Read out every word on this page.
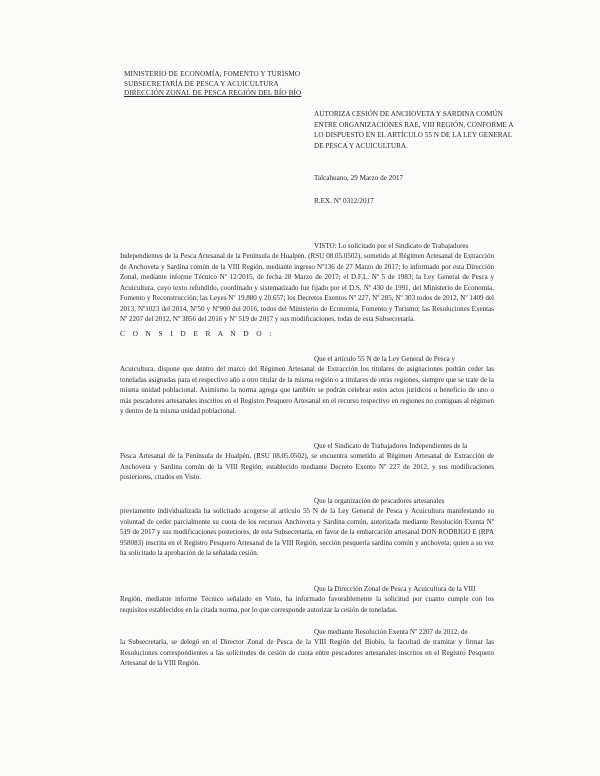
MINISTERIO DE ECONOMÍA, FOMENTO Y TURISMO
SUBSECRETARÍA DE PESCA Y ACUICULTURA
DIRECCIÓN ZONAL DE PESCA REGIÓN DEL BÍO BÍO
AUTORIZA CESIÓN DE ANCHOVETA Y SARDINA COMÚN
ENTRE ORGANIZACIONES RAE, VIII REGIÓN, CONFORME A
LO DISPUESTO EN EL ARTÍCULO 55 N DE LA LEY GENERAL
DE PESCA Y ACUICULTURA.
Talcahuano, 29 Marzo de 2017
R.EX. Nº 0312/2017
VISTO: Lo solicitado por el Sindicato de Trabajadores
Independientes de la Pesca Artesanal de la Península de Hualpén. (RSU 08.05.0502), sometido al Régimen Artesanal de Extracción de Anchoveta y Sardina común de la VIII Región, mediante ingreso Nº136 de 27 Marzo de 2017; lo informado por esta Dirección Zonal, mediante informe Técnico Nº 12/2015, de fecha 28 Marzo de 2017; el D.F.L. Nº 5 de 1983; la Ley General de Pesca y Acuicultura, cuyo texto refundido, coordinado y sistematizado fue fijado por el D.S. Nº 430 de 1991, del Ministerio de Economía, Fomento y Reconstrucción; las Leyes Nº 19.880 y 20.657; los Decretos Exentos Nº 227, Nº 285, Nº 303 todos de 2012, Nº 1409 del 2013, Nº1023 del 2014, Nº50 y Nº900 del 2016, todos del Ministerio de Economía, Fomento y Turismo; las Resoluciones Exentas Nº 2207 del 2012, Nº 3856 del 2016 y Nº 519 de 2017 y sus modificaciones, todas de esta Subsecretaría.
C O N S I D E R A N D O :
Que el artículo 55 N de la Ley General de Pesca y
Acuicultura, dispone que dentro del marco del Régimen Artesanal de Extracción los titulares de asignaciones podrán ceder las toneladas asignadas para el respectivo año a otro titular de la misma región o a titulares de otras regiones, siempre que se trate de la misma unidad poblacional. Asimismo la norma agrega que también se podrán celebrar estos actos jurídicos o beneficio de uno o más pescadores artesanales inscritos en el Registro Pesquero Artesanal en el recurso respectivo en regiones no contiguas al régimen y dentro de la misma unidad poblacional.
Que el Sindicato de Trabajadores Independientes de la
Pesca Artesanal de la Península de Hualpén, (RSU 08.05.0502), se encuentra sometido al Régimen Artesanal de Extracción de Anchoveta y Sardina común de la VIII Región, establecido mediante Decreto Exento Nº 227 de 2012, y sus modificaciones posteriores, citados en Visto.
Que la organización de pescadores artesanales
previamente individualizada ha solicitado acogerse al artículo 55 N de la Ley General de Pesca y Acuicultura manifestando su voluntad de ceder parcialmente su cuota de los recursos Anchoveta y Sardina común, autorizada mediante Resolución Exenta Nº 519 de 2017 y sus modificaciones posteriores, de esta Subsecretaría, en favor de la embarcación artesanal DON RODRIGO E (RPA 958083) inscrita en el Registro Pesquero Artesanal de la VIII Región, sección pesquería sardina común y anchoveta; quien a su vez ha solicitado la aprobación de la señalada cesión.
Que la Dirección Zonal de Pesca y Acuicultura de la VIII
Región, mediante informe Técnico señalado en Visto, ha informado favorablemente la solicitud por cuanto cumple con los requisitos establecidos en la citada norma, por lo que corresponde autorizar la cesión de toneladas.
Que mediante Resolución Exenta Nº 2207 de 2012, de
la Subsecretaría, se delegó en el Director Zonal de Pesca de la VIII Región del Biobío, la facultad de tramitar y firmar las Resoluciones correspondientes a las solicitudes de cesión de cuota entre pescadores artesanales inscritos en el Registro Pesquero Artesanal de la VIII Región.
